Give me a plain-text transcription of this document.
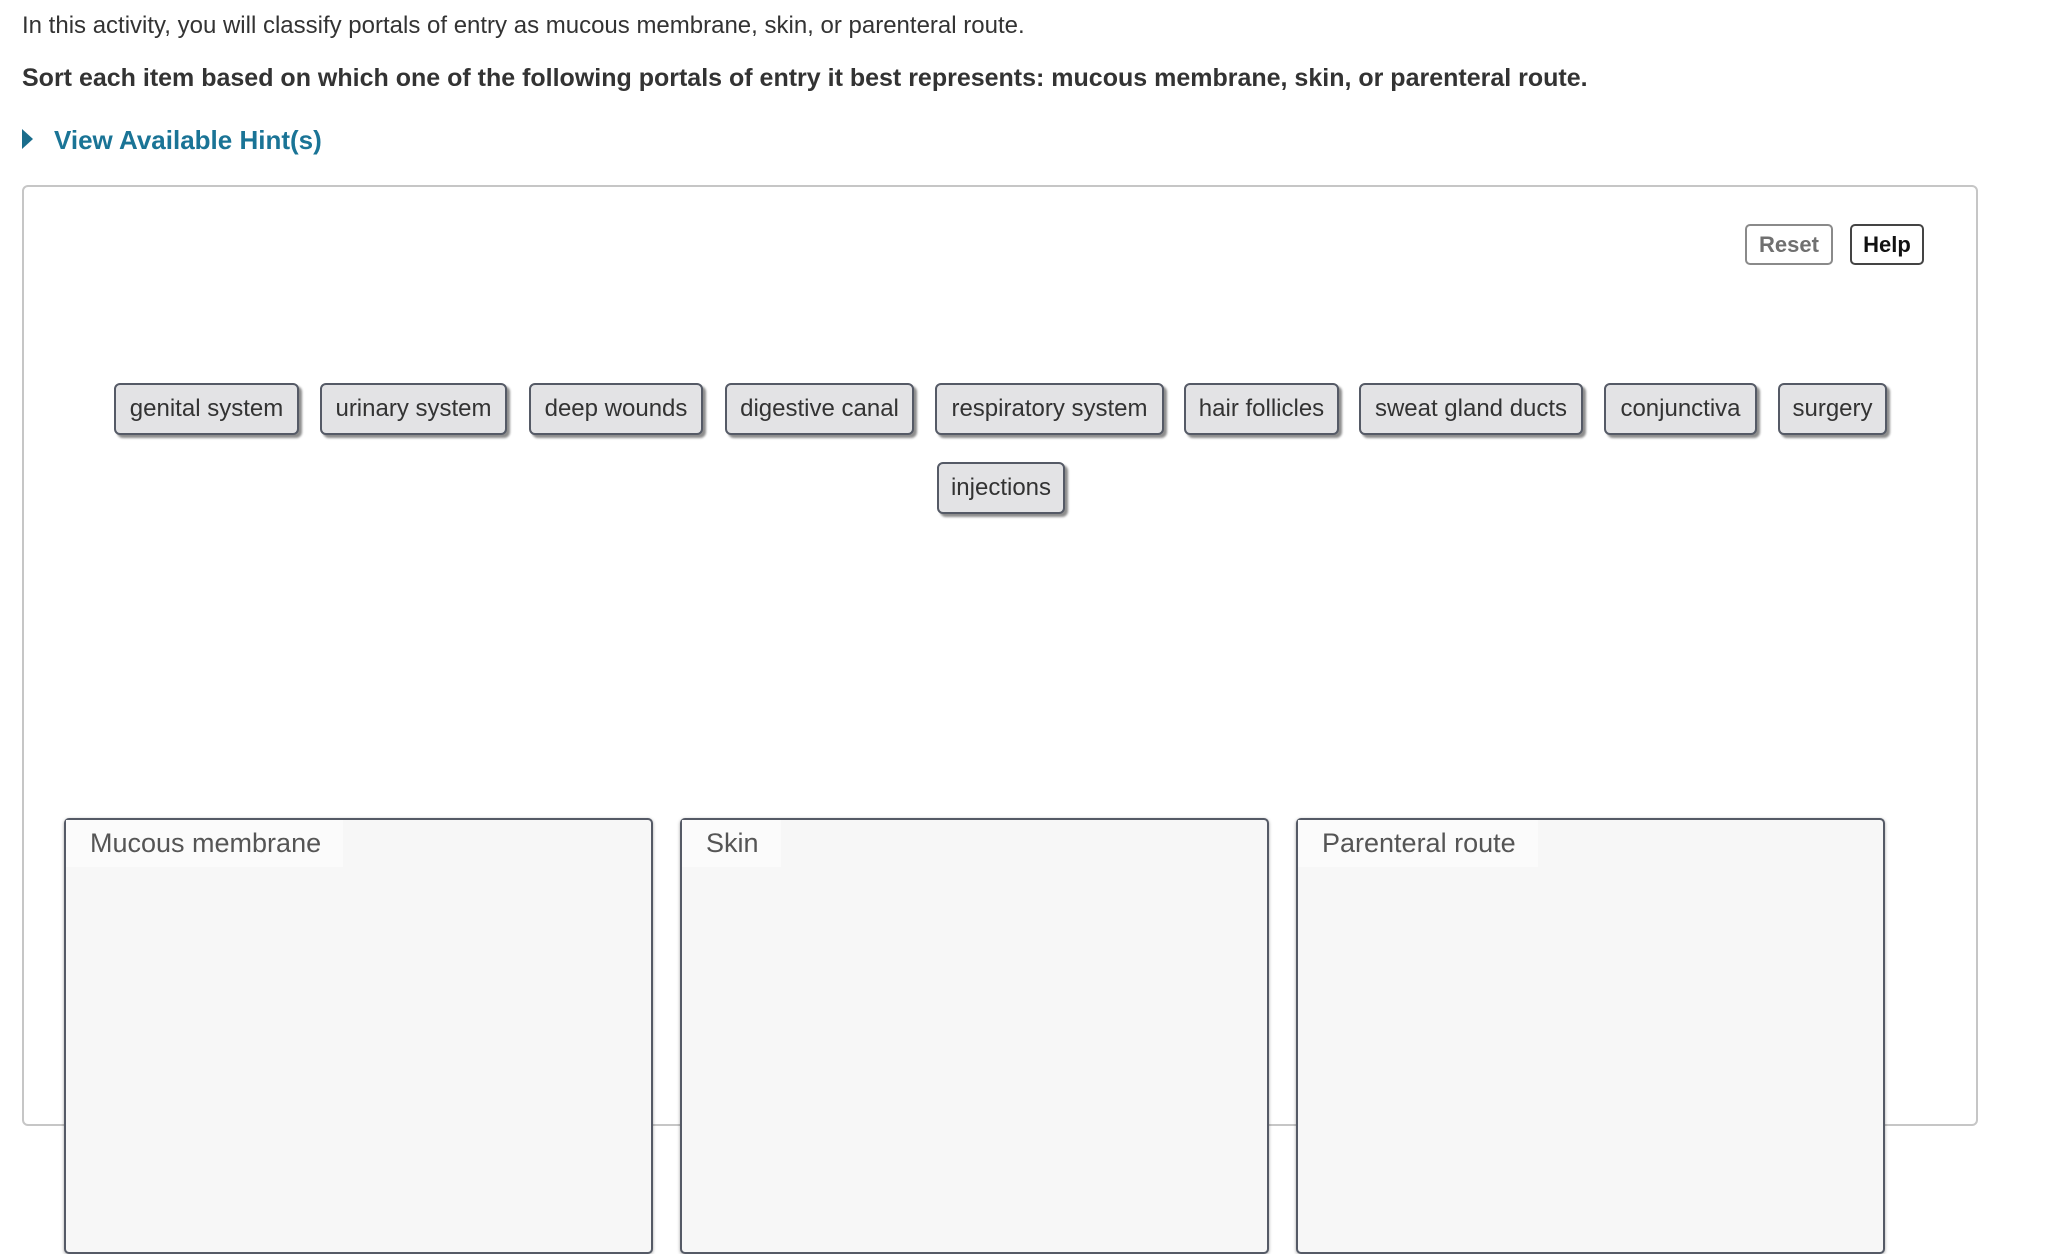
In this activity, you will classify portals of entry as mucous membrane, skin, or parenteral route.
Sort each item based on which one of the following portals of entry it best represents: mucous membrane, skin, or parenteral route.
View Available Hint(s)
Reset	Help
genital system	urinary system	deep wounds	digestive canal	respiratory system	hair follicles	sweat gland ducts	conjunctiva	surgery
injections
Mucous membrane	Skin	Parenteral route
